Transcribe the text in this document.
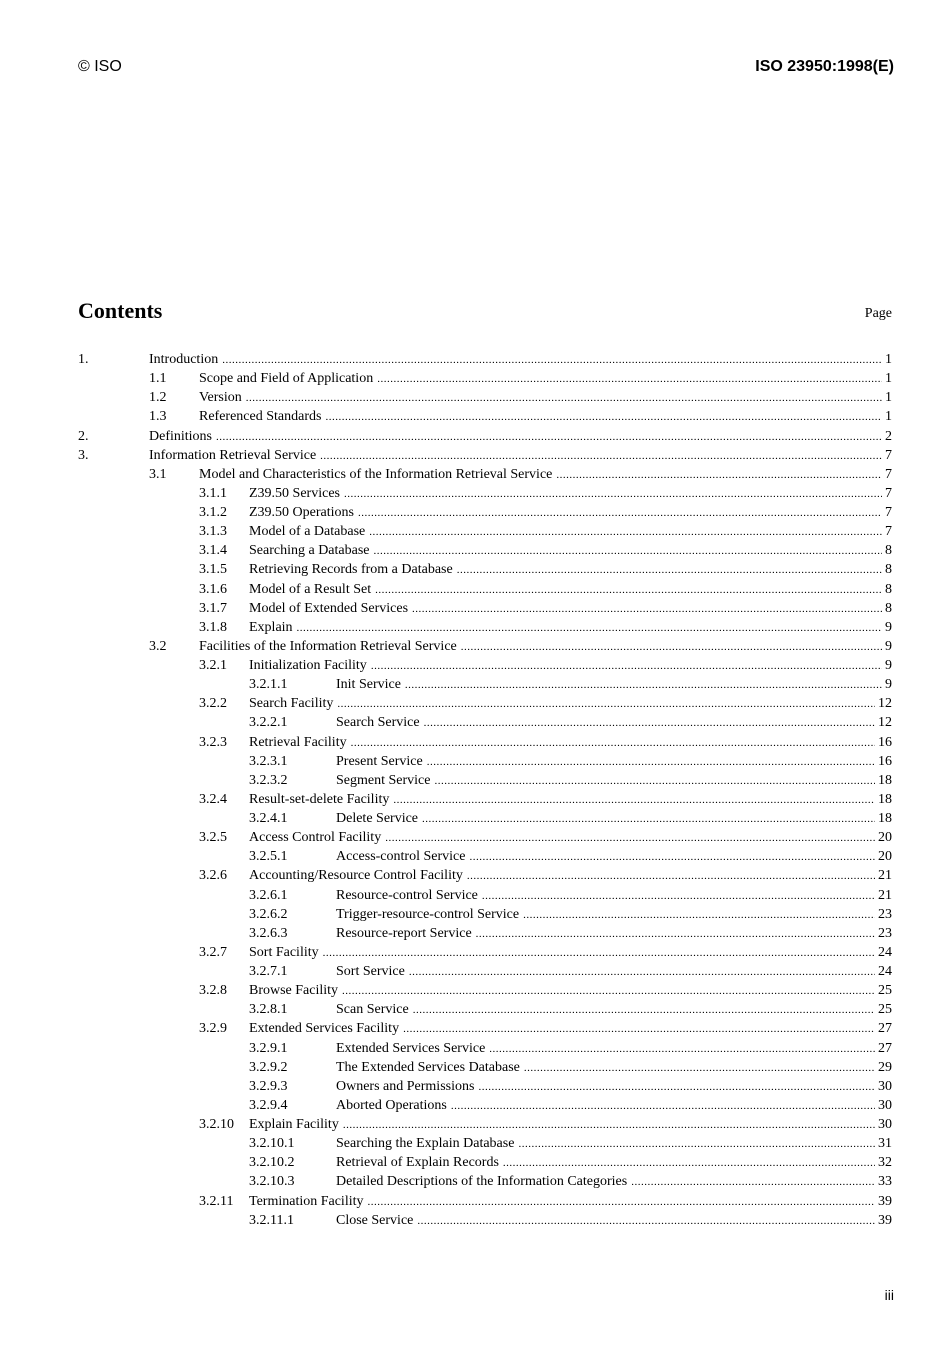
© ISO	ISO 23950:1998(E)
Contents	Page
1.	Introduction .....	1
1.1 Scope and Field of Application .....	1
1.2 Version .....	1
1.3 Referenced Standards .....	1
2.	Definitions .....	2
3.	Information Retrieval Service .....	7
3.1 Model and Characteristics of the Information Retrieval Service .....	7
3.1.1 Z39.50 Services .....	7
3.1.2 Z39.50 Operations .....	7
3.1.3 Model of a Database .....	7
3.1.4 Searching a Database .....	8
3.1.5 Retrieving Records from a Database .....	8
3.1.6 Model of a Result Set .....	8
3.1.7 Model of Extended Services .....	8
3.1.8 Explain .....	9
3.2 Facilities of the Information Retrieval Service .....	9
3.2.1 Initialization Facility .....	9
3.2.1.1	Init Service .....	9
3.2.2 Search Facility .....	12
3.2.2.1	Search Service .....	12
3.2.3 Retrieval Facility .....	16
3.2.3.1	Present Service .....	16
3.2.3.2	Segment Service .....	18
3.2.4 Result-set-delete Facility .....	18
3.2.4.1	Delete Service .....	18
3.2.5 Access Control Facility .....	20
3.2.5.1	Access-control Service .....	20
3.2.6 Accounting/Resource Control Facility .....	21
3.2.6.1	Resource-control Service .....	21
3.2.6.2	Trigger-resource-control Service .....	23
3.2.6.3	Resource-report Service .....	23
3.2.7 Sort Facility .....	24
3.2.7.1	Sort Service .....	24
3.2.8 Browse Facility .....	25
3.2.8.1	Scan Service .....	25
3.2.9 Extended Services Facility .....	27
3.2.9.1	Extended Services Service .....	27
3.2.9.2	The Extended Services Database .....	29
3.2.9.3	Owners and Permissions .....	30
3.2.9.4	Aborted Operations .....	30
3.2.10 Explain Facility .....	30
3.2.10.1	Searching the Explain Database .....	31
3.2.10.2	Retrieval of Explain Records .....	32
3.2.10.3	Detailed Descriptions of the Information Categories .....	33
3.2.11 Termination Facility .....	39
3.2.11.1	Close Service .....	39
iii
